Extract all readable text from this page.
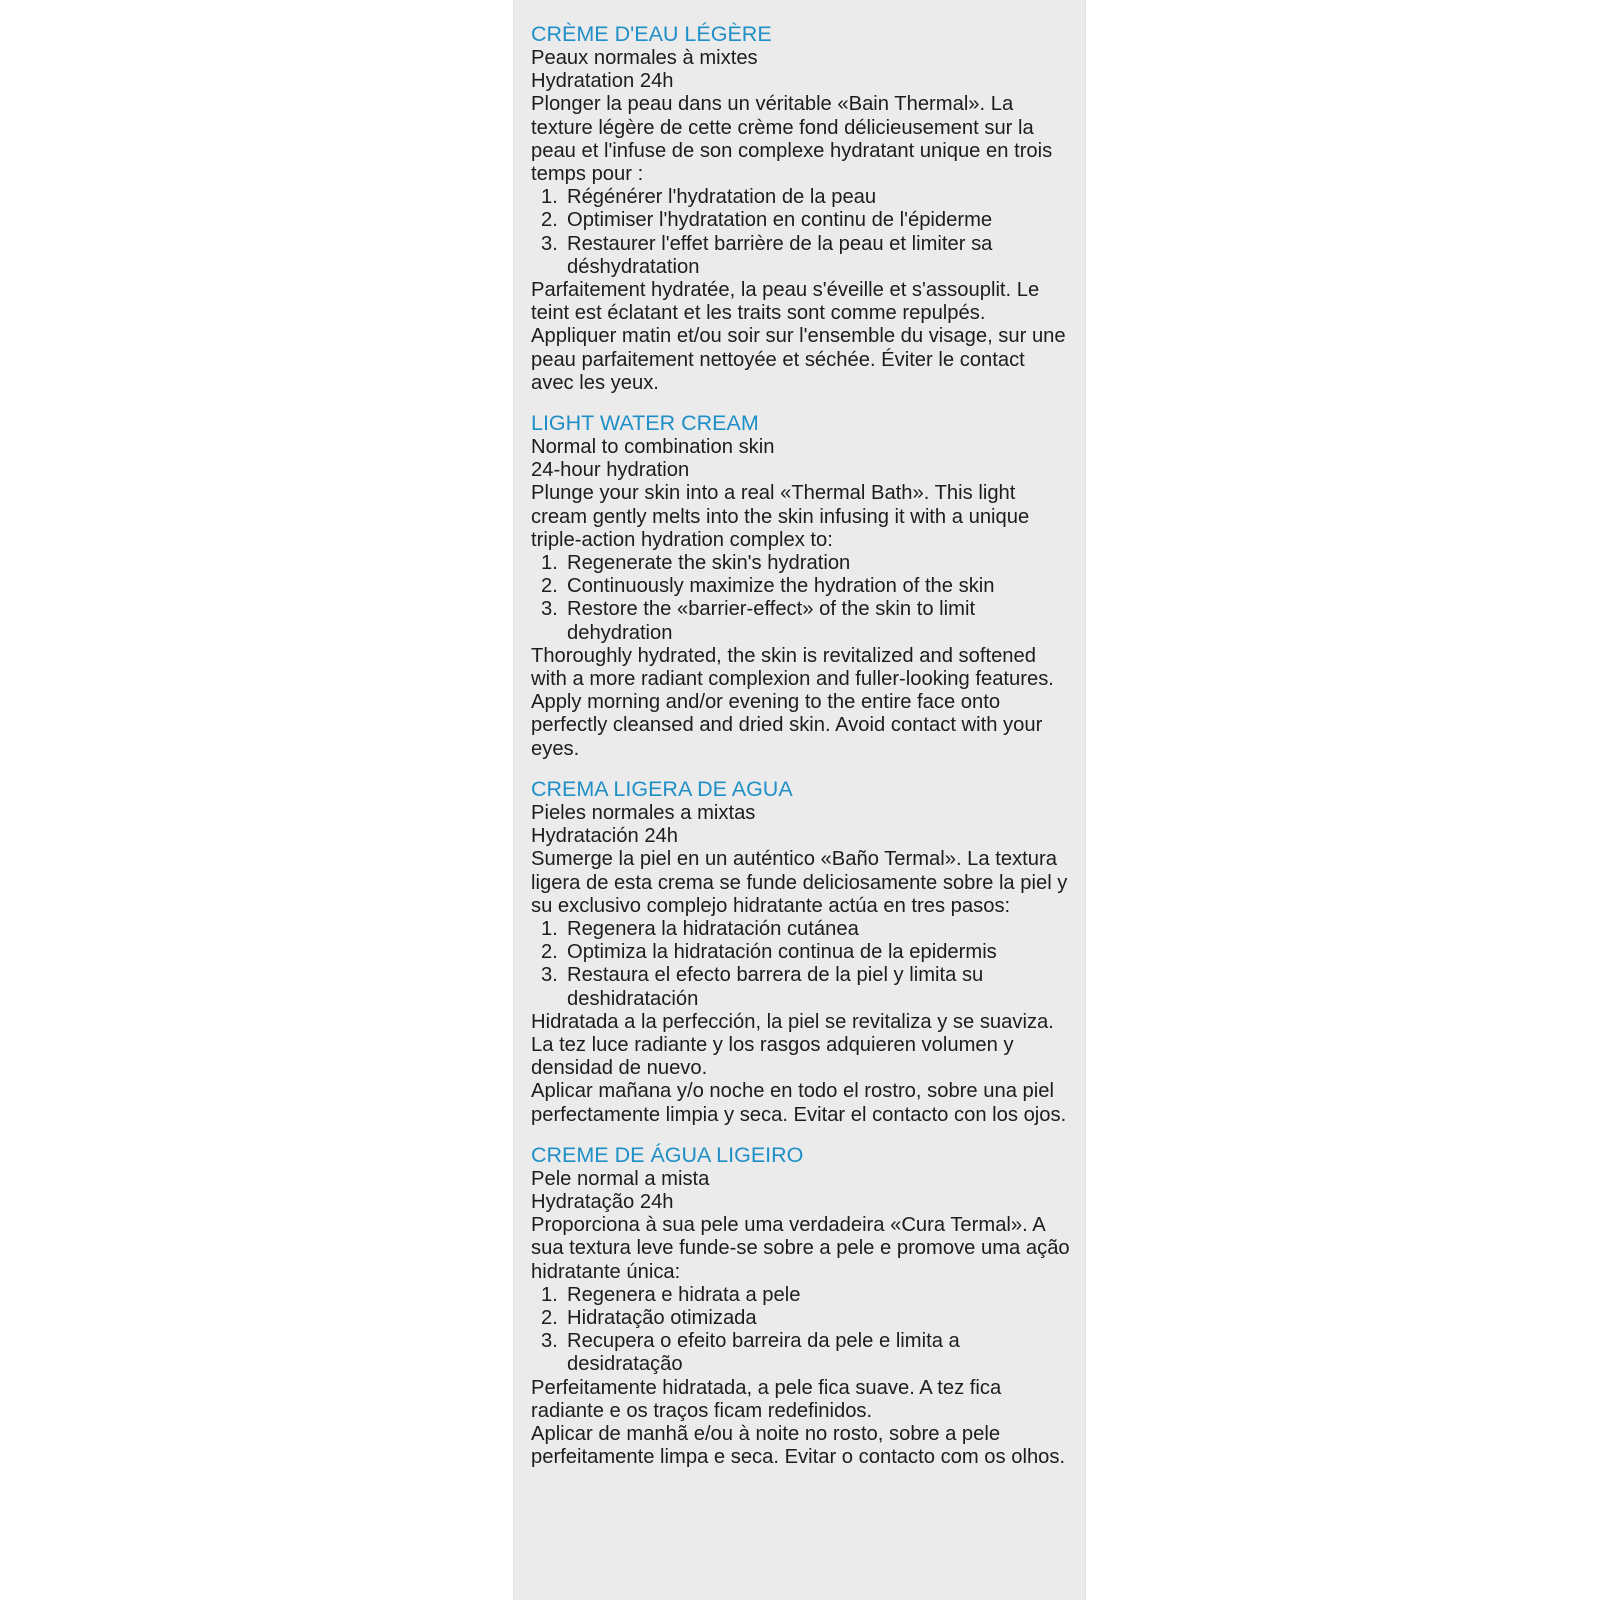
CRÈME D'EAU LÉGÈRE

Peaux normales à mixtes

Hydratation 24h

Plonger la peau dans un véritable «Bain Thermal». La texture légère de cette crème fond délicieusement sur la peau et l'infuse de son complexe hydratant unique en trois temps pour :

1. Régénérer l'hydratation de la peau
2. Optimiser l'hydratation en continu de l'épiderme
3. Restaurer l'effet barrière de la peau et limiter sa déshydratation

Parfaitement hydratée, la peau s'éveille et s'assouplit. Le teint est éclatant et les traits sont comme repulpés.

Appliquer matin et/ou soir sur l'ensemble du visage, sur une peau parfaitement nettoyée et séchée. Éviter le contact avec les yeux.

LIGHT WATER CREAM

Normal to combination skin

24-hour hydration

Plunge your skin into a real «Thermal Bath». This light cream gently melts into the skin infusing it with a unique triple-action hydration complex to:

1. Regenerate the skin's hydration
2. Continuously maximize the hydration of the skin
3. Restore the «barrier-effect» of the skin to limit dehydration

Thoroughly hydrated, the skin is revitalized and softened with a more radiant complexion and fuller-looking features.

Apply morning and/or evening to the entire face onto perfectly cleansed and dried skin. Avoid contact with your eyes.

CREMA LIGERA DE AGUA

Pieles normales a mixtas

Hydratación 24h

Sumerge la piel en un auténtico «Baño Termal». La textura ligera de esta crema se funde deliciosamente sobre la piel y su exclusivo complejo hidratante actúa en tres pasos:

1. Regenera la hidratación cutánea
2. Optimiza la hidratación continua de la epidermis
3. Restaura el efecto barrera de la piel y limita su deshidratación

Hidratada a la perfección, la piel se revitaliza y se suaviza. La tez luce radiante y los rasgos adquieren volumen y densidad de nuevo.

Aplicar mañana y/o noche en todo el rostro, sobre una piel perfectamente limpia y seca. Evitar el contacto con los ojos.

CREME DE ÁGUA LIGEIRO

Pele normal a mista

Hydratação 24h

Proporciona à sua pele uma verdadeira «Cura Termal». A sua textura leve funde-se sobre a pele e promove uma ação hidratante única:

1. Regenera e hidrata a pele
2. Hidratação otimizada
3. Recupera o efeito barreira da pele e limita a desidratação

Perfeitamente hidratada, a pele fica suave. A tez fica radiante e os traços ficam redefinidos.

Aplicar de manhã e/ou à noite no rosto, sobre a pele perfeitamente limpa e seca. Evitar o contacto com os olhos.
